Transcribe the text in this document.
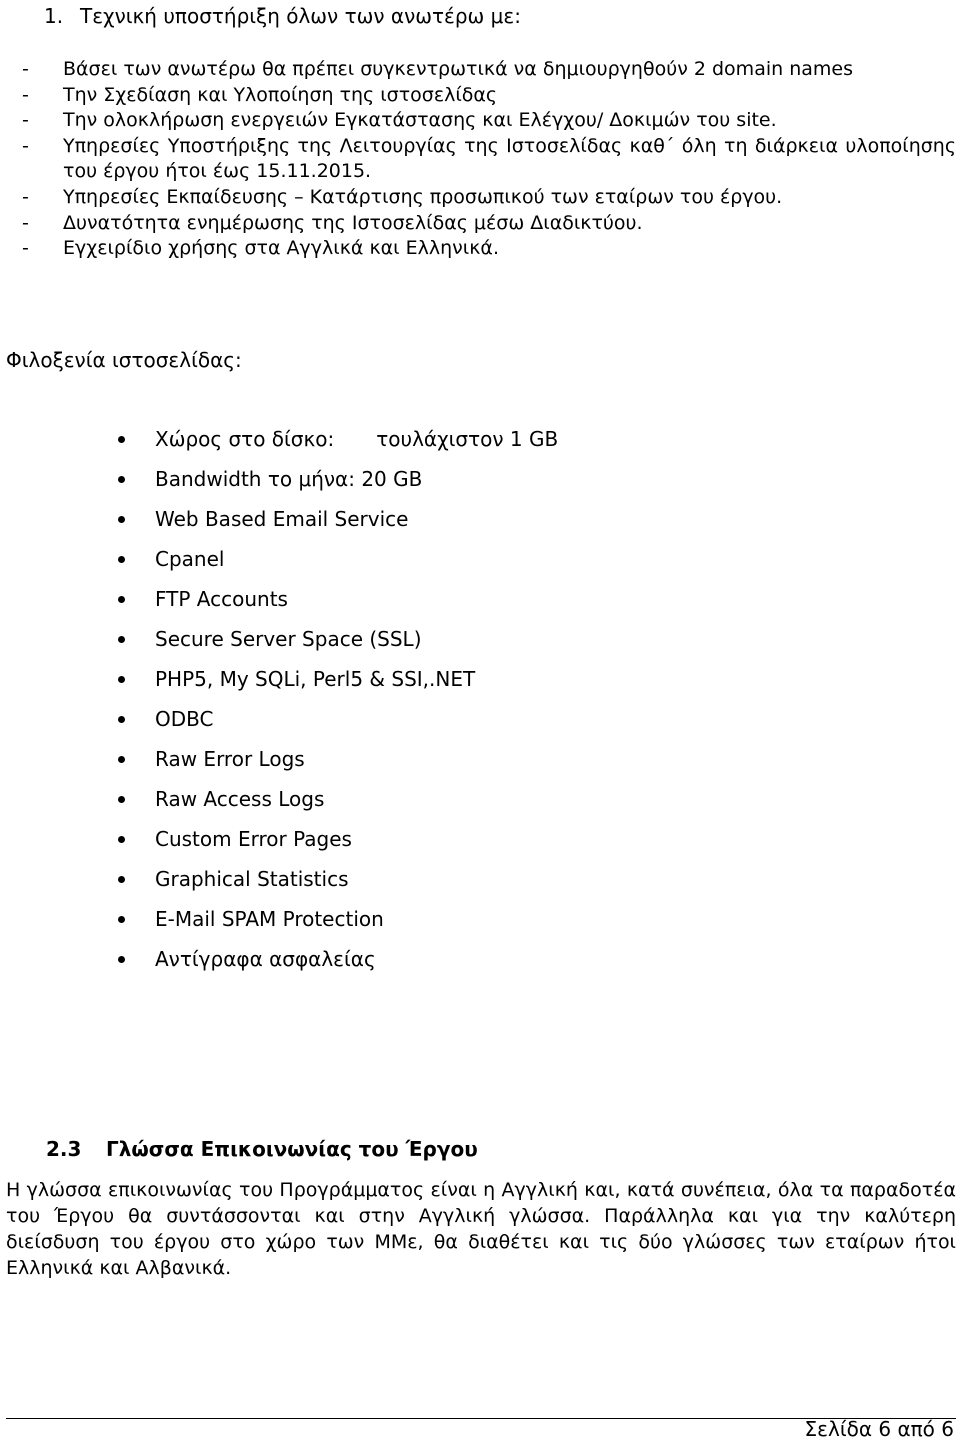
1. Τεχνική υποστήριξη όλων των ανωτέρω με:
-	Βάσει των ανωτέρω θα πρέπει συγκεντρωτικά να δημιουργηθούν 2 domain names
-	Την Σχεδίαση και Υλοποίηση της ιστοσελίδας
-	Την ολοκλήρωση ενεργειών Εγκατάστασης και Ελέγχου/ Δοκιμών του site.
-	Υπηρεσίες Υποστήριξης της Λειτουργίας της Ιστοσελίδας καθ΄ όλη τη διάρκεια υλοποίησης του έργου ήτοι έως 15.11.2015.
-	Υπηρεσίες Εκπαίδευσης – Κατάρτισης προσωπικού των εταίρων του έργου.
-	Δυνατότητα ενημέρωσης της Ιστοσελίδας μέσω Διαδικτύου.
-	Εγχειρίδιο χρήσης στα Αγγλικά και Ελληνικά.
Φιλοξενία ιστοσελίδας:
Χώρος στο δίσκο: τουλάχιστον 1 GB
Bandwidth το μήνα: 20 GB
Web Based Email Service
Cpanel
FTP Accounts
Secure Server Space (SSL)
PHP5, My SQLi, Perl5 & SSI,.NET
ODBC
Raw Error Logs
Raw Access Logs
Custom Error Pages
Graphical Statistics
E-Mail SPAM Protection
Αντίγραφα ασφαλείας
2.3 Γλώσσα Επικοινωνίας του Έργου

Η γλώσσα επικοινωνίας του Προγράμματος είναι η Αγγλική και, κατά συνέπεια, όλα τα παραδοτέα του Έργου θα συντάσσονται και στην Αγγλική γλώσσα. Παράλληλα και για την καλύτερη διείσδυση του έργου στο χώρο των ΜΜε, θα διαθέτει και τις δύο γλώσσες των εταίρων ήτοι Ελληνικά και Αλβανικά.

Σελίδα 6 από 6
